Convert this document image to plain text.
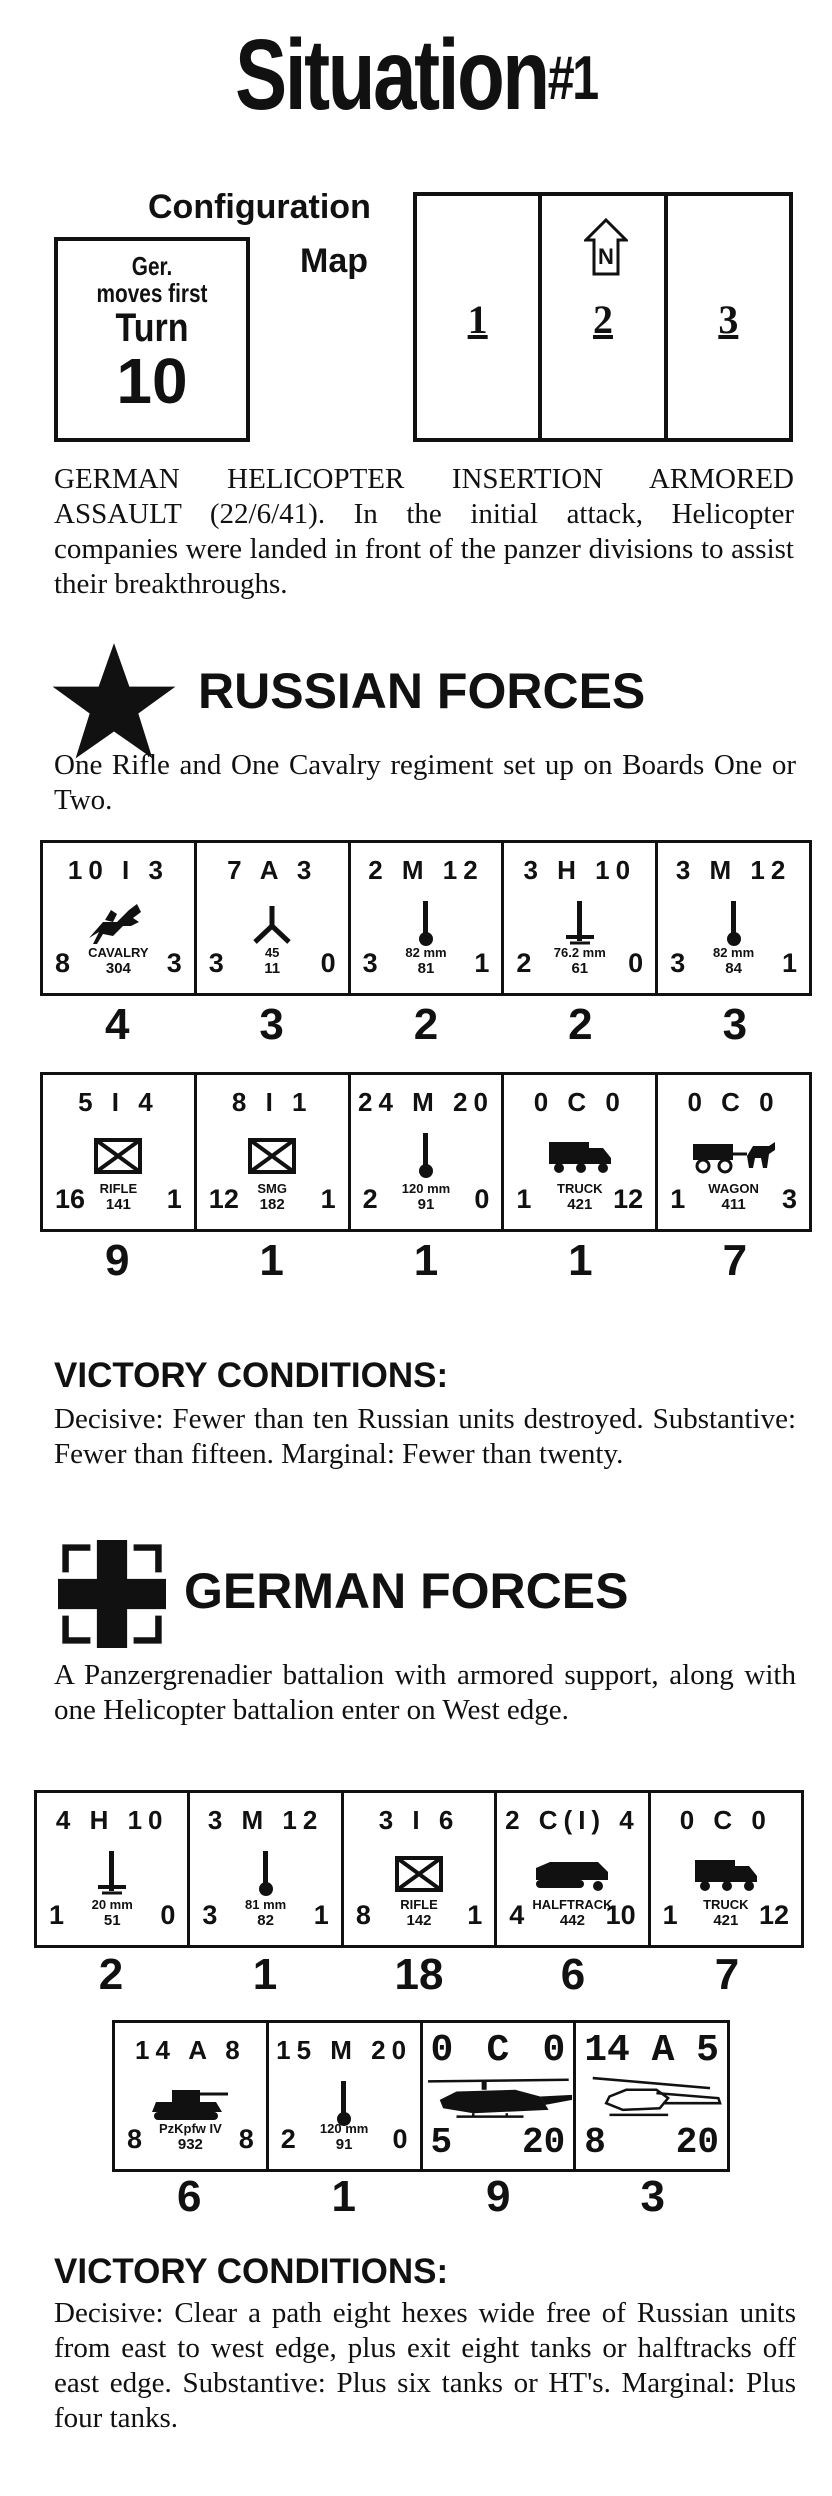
Situation$^{\#1}$
Configuration
Map
Ger.
moves first
Turn
10
1
N
2	3
GERMAN HELICOPTER INSERTION ARMORED ASSAULT (22/6/41). In the initial attack, Helicopter companies were landed in front of the panzer divisions to assist their breakthroughs.
RUSSIAN FORCES
One Rifle and One Cavalry regiment set up on Boards One or Two.
10 I 3
8	CAVALRY
304	3
7 A 3
3	45
11	0
2 M 12
3	82 mm
81	1
3 H 10
2	76.2 mm
61	0
3 M 12
3	82 mm
84	1
4	3	2	2	3
5 I 4
16	RIFLE
141	1
8 I 1
12	SMG
182	1
24 M 20
2	120 mm
91	0
0 C 0
1	TRUCK
421 12
0 C 0
1	WAGON
411	3
9	1	1	1	7
VICTORY CONDITIONS:
Decisive: Fewer than ten Russian units destroyed. Substantive: Fewer than fifteen. Marginal: Fewer than twenty.
GERMAN FORCES
A Panzergrenadier battalion with armored support, along with one Helicopter battalion enter on West edge.
4 H 10
1	20 mm
51	0
3 M 12
3	81 mm
82	1
3 I 6
8	RIFLE
142	1
2 C(I) 4
4 HALFTRACK
442 10
0 C 0
1	TRUCK
421 12
2	1	18	6	7
14 A 8
8	PzKpfw IV
932	8
15 M 20
2	120 mm
91	0
0 C 0
5 20
14 A 5
8 20
6	1	9	3
VICTORY CONDITIONS:
Decisive: Clear a path eight hexes wide free of Russian units from east to west edge, plus exit eight tanks or halftracks off east edge. Substantive: Plus six tanks or HT's. Marginal: Plus four tanks.
